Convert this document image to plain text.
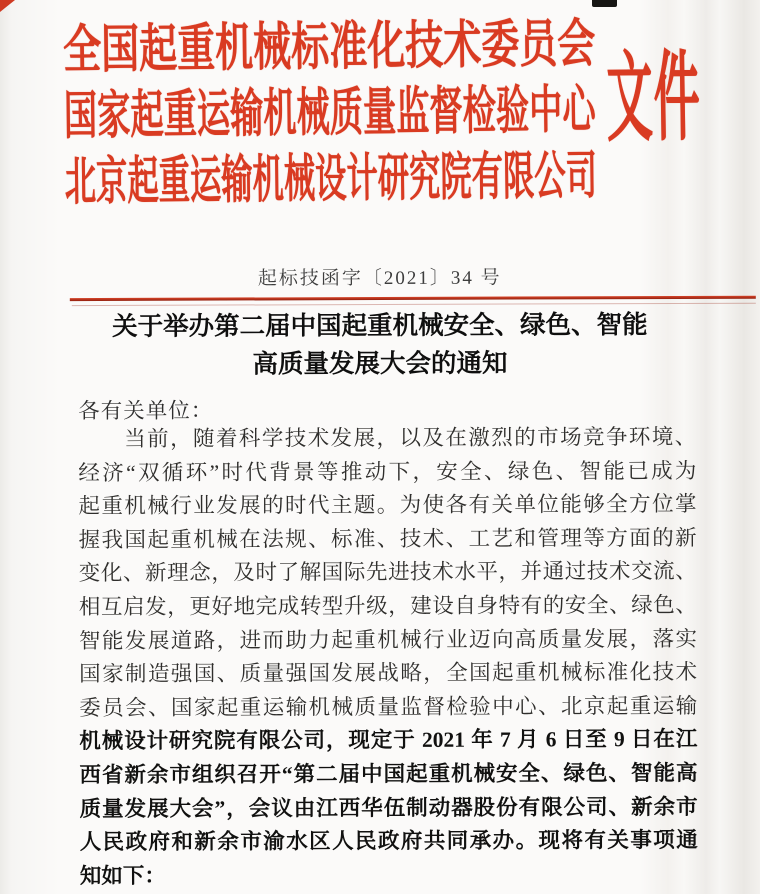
全国起重机械标准化技术委员会
国家起重运输机械质量监督检验中心
北京起重运输机械设计研究院有限公司
文件
起标技函字〔2021〕34 号
关于举办第二届中国起重机械安全、绿色、智能
高质量发展大会的通知
各有关单位：
　　当前，随着科学技术发展，以及在激烈的市场竞争环境、
经济“双循环”时代背景等推动下，安全、绿色、智能已成为
起重机械行业发展的时代主题。为使各有关单位能够全方位掌
握我国起重机械在法规、标准、技术、工艺和管理等方面的新
变化、新理念，及时了解国际先进技术水平，并通过技术交流、
相互启发，更好地完成转型升级，建设自身特有的安全、绿色、
智能发展道路，进而助力起重机械行业迈向高质量发展，落实
国家制造强国、质量强国发展战略，全国起重机械标准化技术
委员会、国家起重运输机械质量监督检验中心、北京起重运输
机械设计研究院有限公司，现定于 2021 年 7 月 6 日至 9 日在江
西省新余市组织召开“第二届中国起重机械安全、绿色、智能高
质量发展大会”，会议由江西华伍制动器股份有限公司、新余市
人民政府和新余市渝水区人民政府共同承办。现将有关事项通
知如下：
